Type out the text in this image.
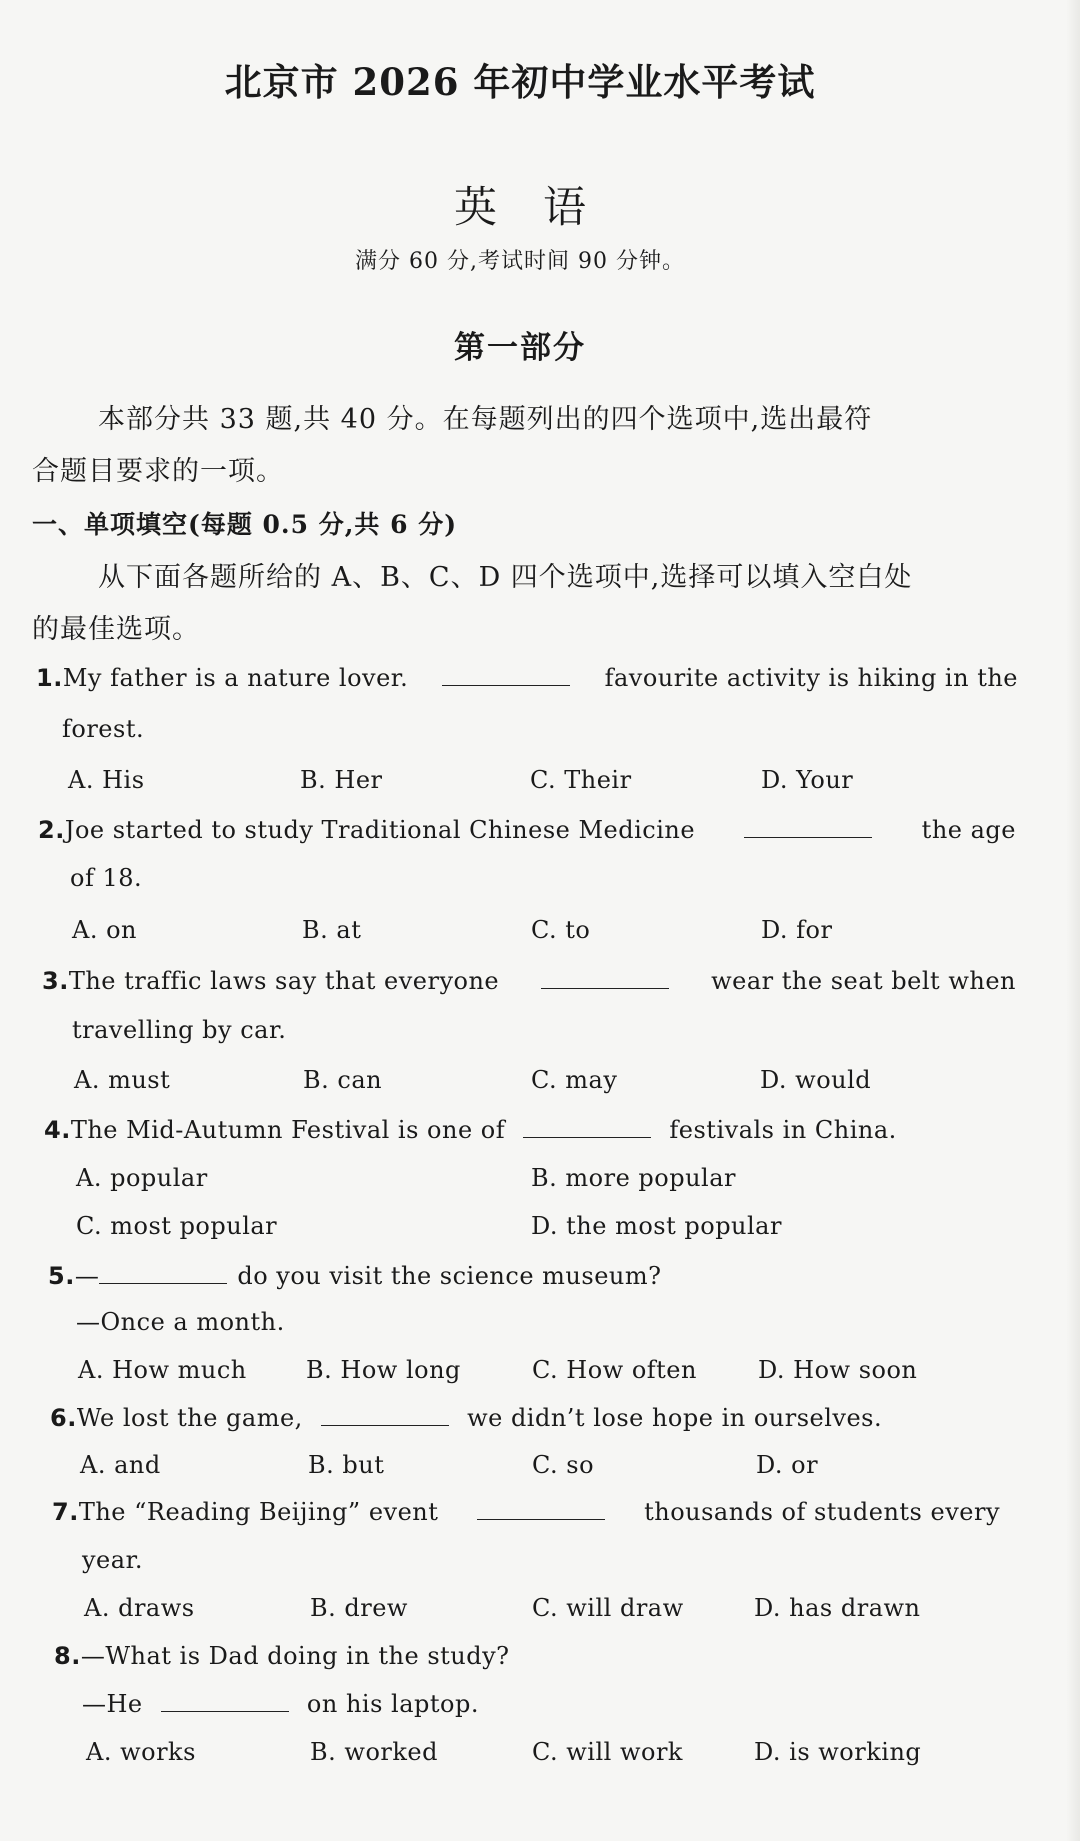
北京市 2026 年初中学业水平考试
英语
满分 60 分,考试时间 90 分钟。
第一部分
本部分共 33 题,共 40 分。在每题列出的四个选项中,选出最符
合题目要求的一项。
一、单项填空(每题 0.5 分,共 6 分)
从下面各题所给的 A、B、C、D 四个选项中,选择可以填入空白处
的最佳选项。
1. My father is a nature lover.	favourite activity is hiking in the
forest.
A. His	B. Her	C. Their	D. Your
2. Joe started to study Traditional Chinese Medicine	the age
of 18.
A. on	B. at	C. to	D. for
3. The traffic laws say that everyone	wear the seat belt when
travelling by car.
A. must	B. can	C. may	D. would
4. The Mid-Autumn Festival is one of	festivals in China.
A. popular	B. more popular
C. most popular	D. the most popular
5. —	do you visit the science museum?
—Once a month.
A. How much B. How long	C. How often	D. How soon
6. We lost the game,	we didn’t lose hope in ourselves.
A. and	B. but	C. so	D. or
7. The “Reading Beijing” event	thousands of students every
year.
A. draws	B. drew	C. will draw	D. has drawn
8. —What is Dad doing in the study?
—He	on his laptop.
A. works	B. worked	C. will work	D. is working
